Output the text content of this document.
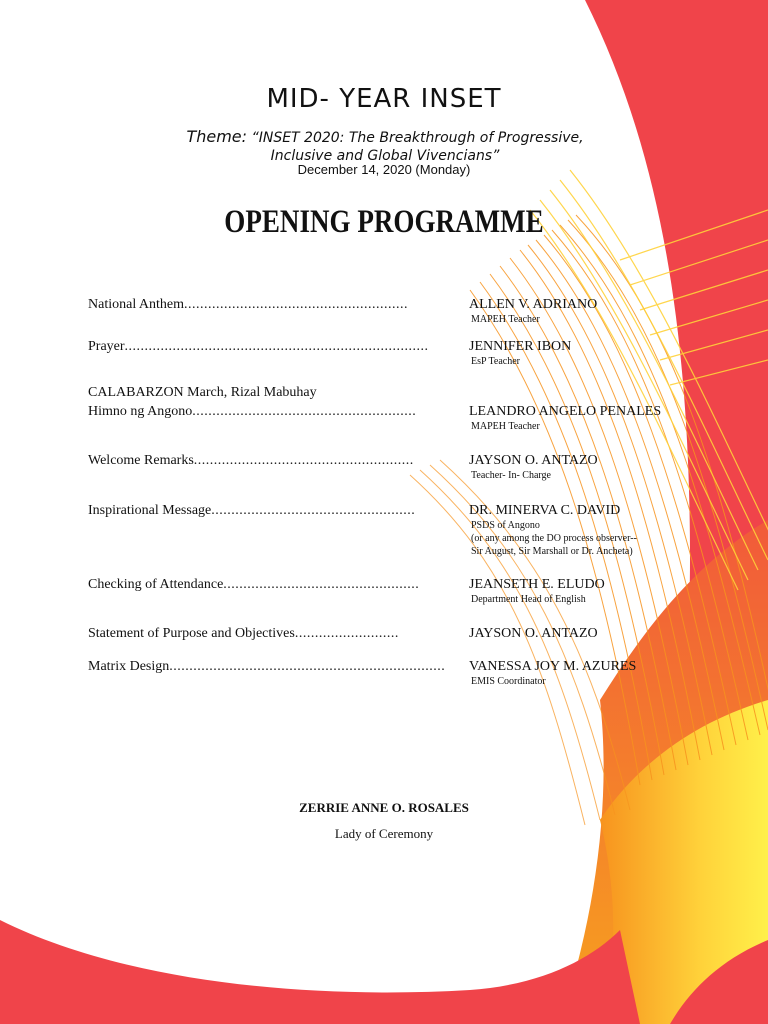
MID- YEAR INSET
Theme: “INSET 2020: The Breakthrough of Progressive,
Inclusive and Global Vivencians”
December 14, 2020 (Monday)
OPENING PROGRAMME
National Anthem........................................................	ALLEN V. ADRIANO
MAPEH Teacher
Prayer............................................................................	JENNIFER IBON
EsP Teacher
CALABARZON March, Rizal Mabuhay
Himno ng Angono........................................................	LEANDRO ANGELO PENALES
MAPEH Teacher
Welcome Remarks.......................................................	JAYSON O. ANTAZO
Teacher- In- Charge
Inspirational Message...................................................	DR. MINERVA C. DAVID
PSDS of Angono
(or any among the DO process observer--
Sir August, Sir Marshall or Dr. Ancheta)
Checking of Attendance.................................................	JEANSETH E. ELUDO
Department Head of English
Statement of Purpose and Objectives..........................	JAYSON O. ANTAZO
Matrix Design.....................................................................	VANESSA JOY M. AZURES
EMIS Coordinator
ZERRIE ANNE O. ROSALES
Lady of Ceremony
